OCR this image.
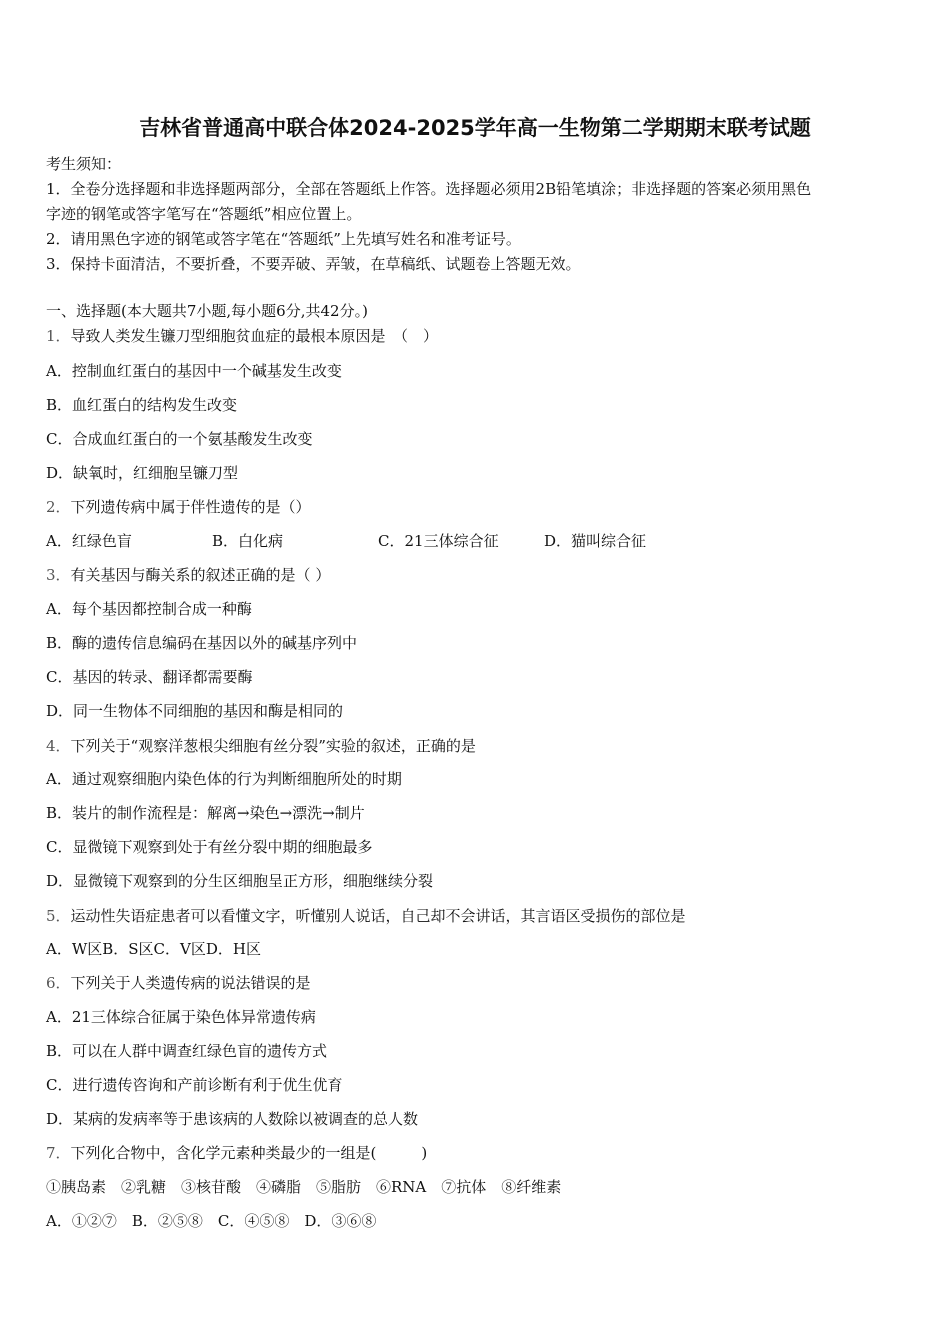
吉林省普通高中联合体2024-2025学年高一生物第二学期期末联考试题
考生须知：
1．全卷分选择题和非选择题两部分，全部在答题纸上作答。选择题必须用2B铅笔填涂；非选择题的答案必须用黑色
字迹的钢笔或答字笔写在“答题纸”相应位置上。
2．请用黑色字迹的钢笔或答字笔在“答题纸”上先填写姓名和准考证号。
3．保持卡面清洁，不要折叠，不要弄破、弄皱，在草稿纸、试题卷上答题无效。
一、选择题(本大题共7小题,每小题6分,共42分。)
1．导致人类发生镰刀型细胞贫血症的最根本原因是　（　）
A．控制血红蛋白的基因中一个碱基发生改变
B．血红蛋白的结构发生改变
C．合成血红蛋白的一个氨基酸发生改变
D．缺氧时，红细胞呈镰刀型
2．下列遗传病中属于伴性遗传的是（）
A．红绿色盲	B．白化病	C．21三体综合征	D．猫叫综合征
3．有关基因与酶关系的叙述正确的是（ ）
A．每个基因都控制合成一种酶
B．酶的遗传信息编码在基因以外的碱基序列中
C．基因的转录、翻译都需要酶
D．同一生物体不同细胞的基因和酶是相同的
4．下列关于“观察洋葱根尖细胞有丝分裂”实验的叙述，正确的是
A．通过观察细胞内染色体的行为判断细胞所处的时期
B．装片的制作流程是：解离→染色→漂洗→制片
C．显微镜下观察到处于有丝分裂中期的细胞最多
D．显微镜下观察到的分生区细胞呈正方形，细胞继续分裂
5．运动性失语症患者可以看懂文字，听懂别人说话，自己却不会讲话，其言语区受损伤的部位是
A．W区B．S区C．V区D．H区
6．下列关于人类遗传病的说法错误的是
A．21三体综合征属于染色体异常遗传病
B．可以在人群中调查红绿色盲的遗传方式
C．进行遗传咨询和产前诊断有利于优生优育
D．某病的发病率等于患该病的人数除以被调查的总人数
7．下列化合物中，含化学元素种类最少的一组是(　　　)
①胰岛素　②乳糖　③核苷酸　④磷脂　⑤脂肪　⑥RNA　⑦抗体　⑧纤维素
A．①②⑦　B．②⑤⑧　C．④⑤⑧　D．③⑥⑧
